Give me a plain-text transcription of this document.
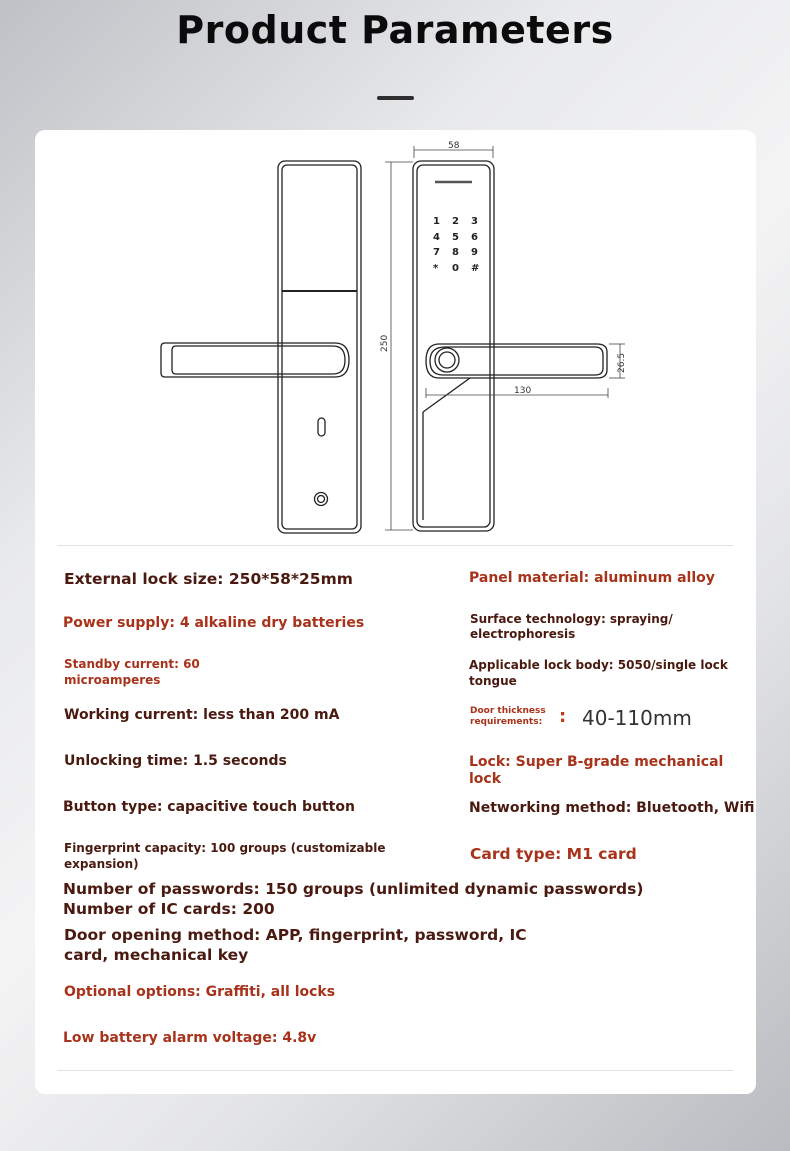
Product Parameters
58
250
130
26.5
1 2 3
4 5 6
7 8 9
* 0 #
External lock size: 250*58*25mm
Power supply: 4 alkaline dry batteries
Standby current: 60
microamperes
Working current: less than 200 mA
Unlocking time: 1.5 seconds
Button type: capacitive touch button
Fingerprint capacity: 100 groups (customizable
expansion)
Number of passwords: 150 groups (unlimited dynamic passwords)
Number of IC cards: 200
Door opening method: APP, fingerprint, password, IC
card, mechanical key
Optional options: Graffiti, all locks
Low battery alarm voltage: 4.8v
Panel material: aluminum alloy
Surface technology: spraying/
electrophoresis
Applicable lock body: 5050/single lock
tongue
Door thickness
requirements: : 40-110mm
Lock: Super B-grade mechanical lock
Networking method: Bluetooth, Wifi
Card type: M1 card
